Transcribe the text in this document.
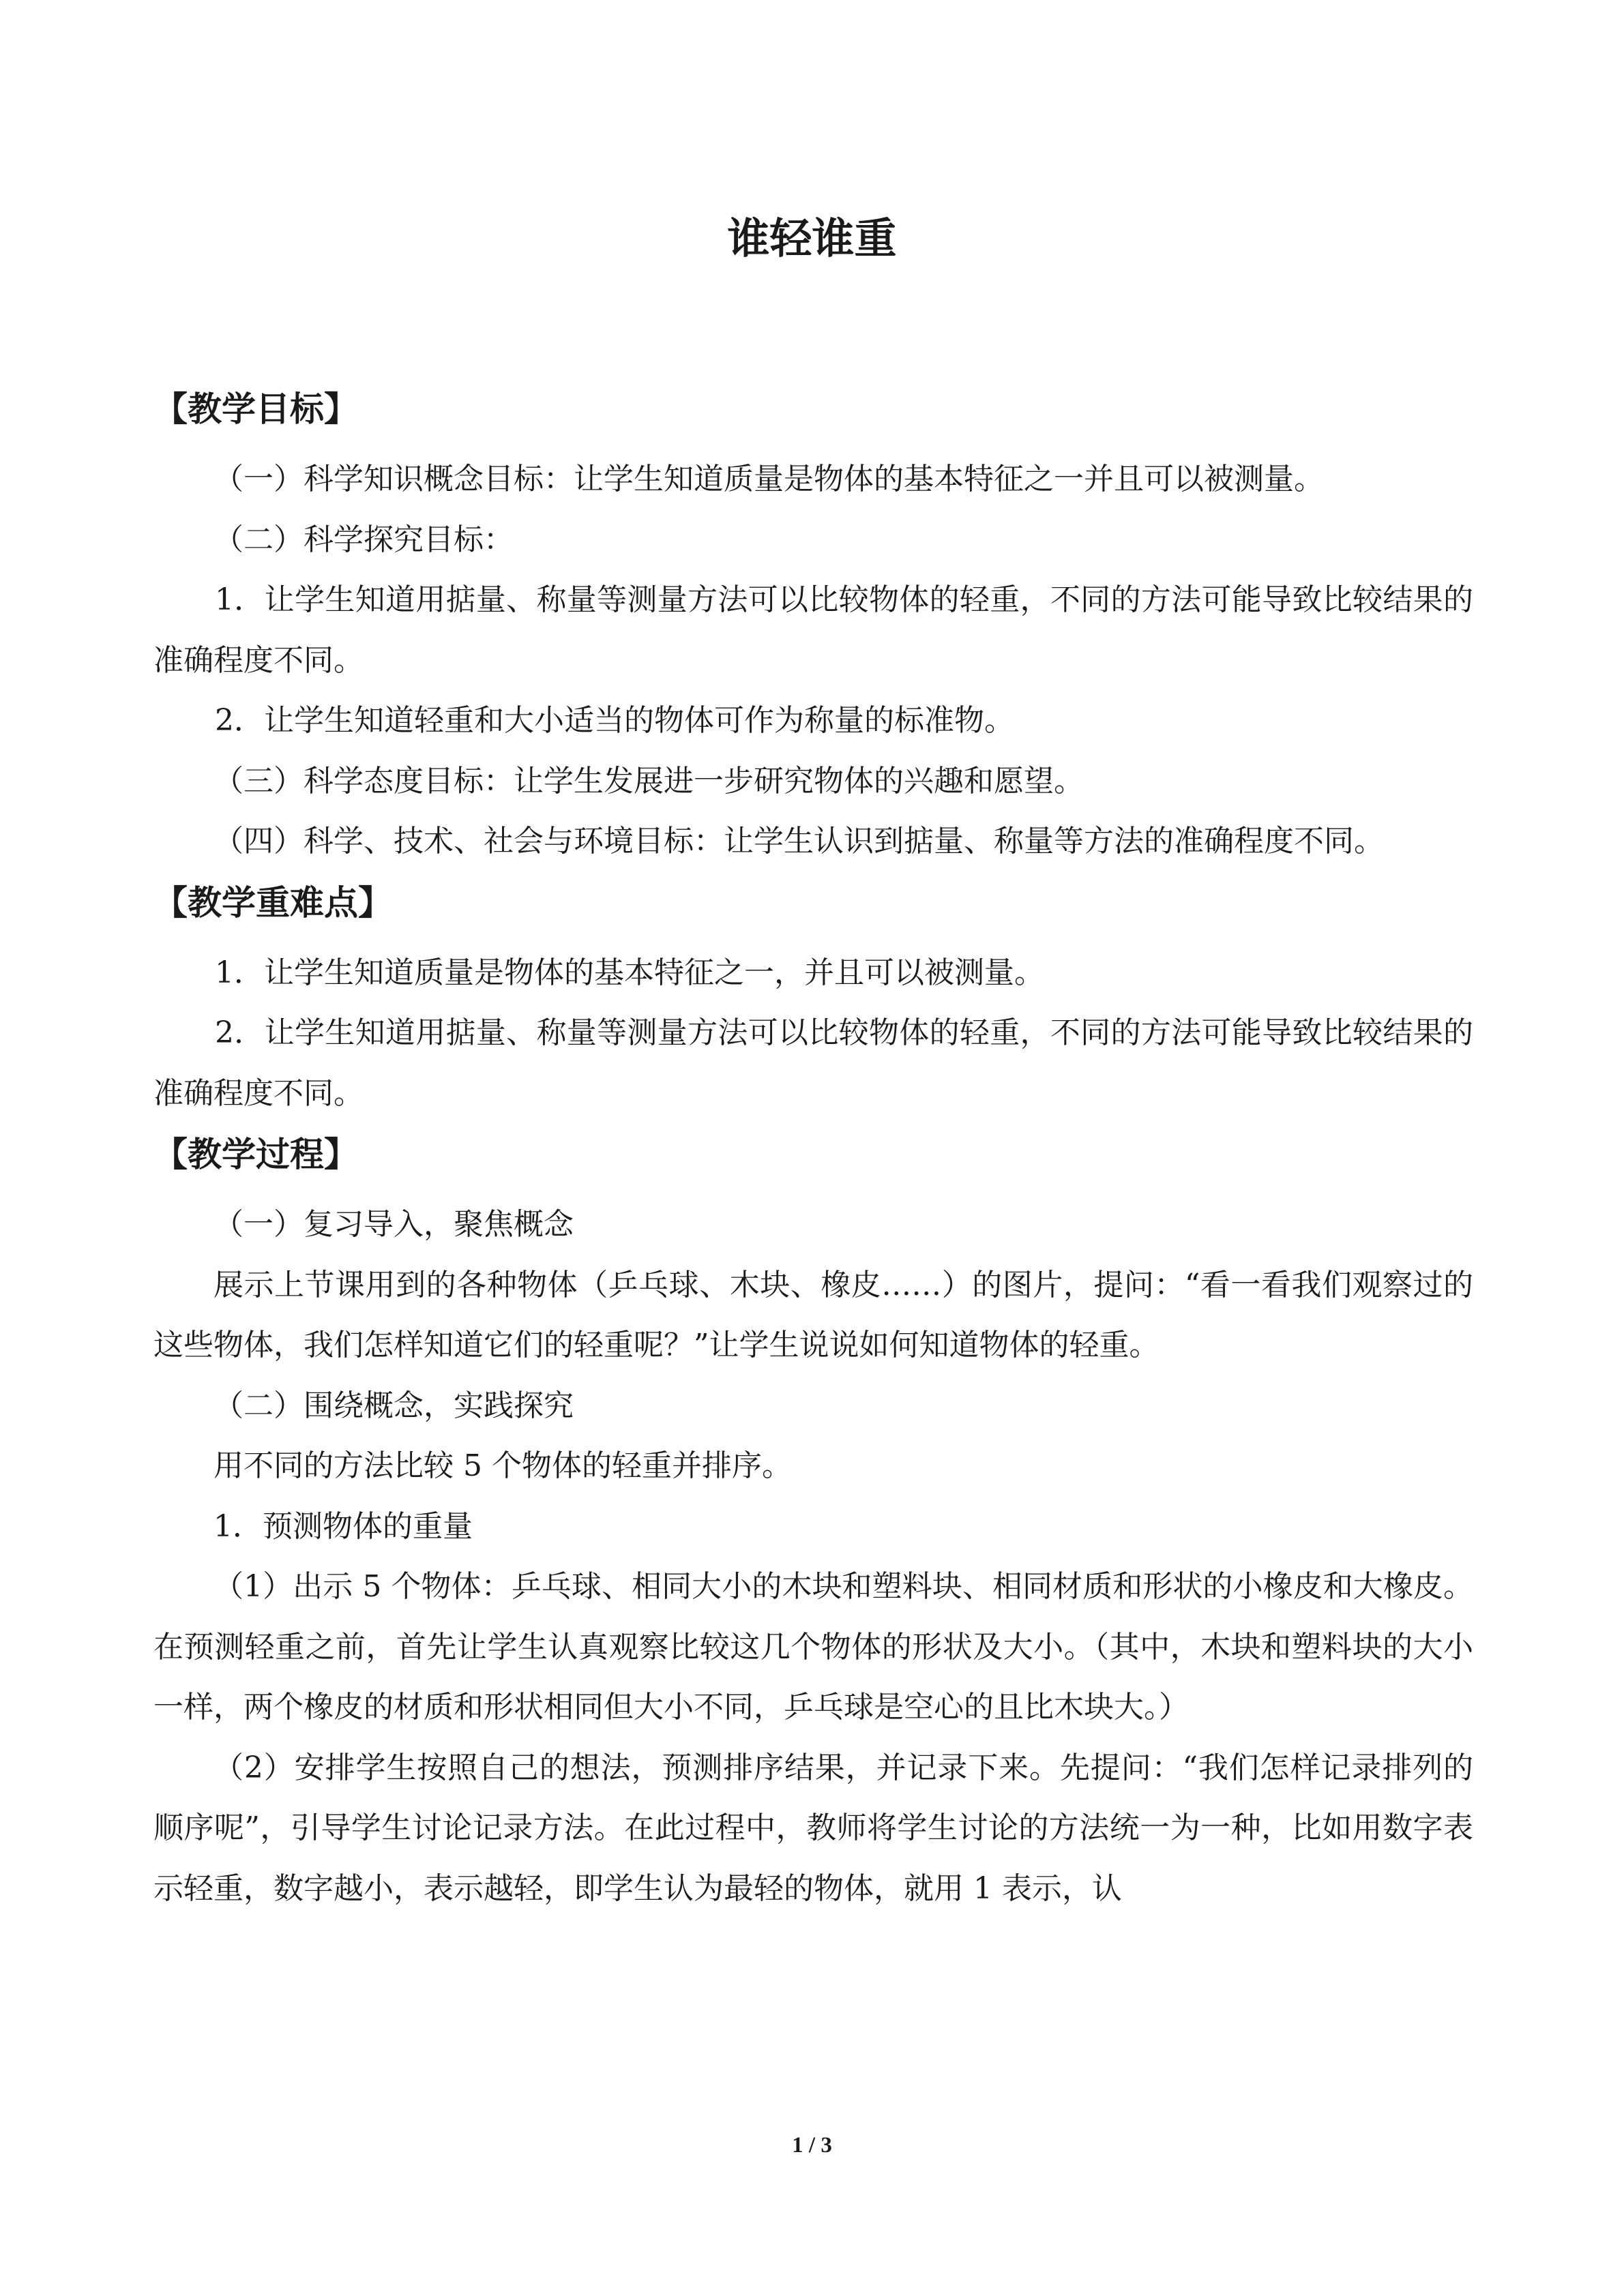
谁轻谁重
【教学目标】

（一）科学知识概念目标：让学生知道质量是物体的基本特征之一并且可以被测量。

（二）科学探究目标：

1．让学生知道用掂量、称量等测量方法可以比较物体的轻重，不同的方法可能导致比较结果的准确程度不同。

2．让学生知道轻重和大小适当的物体可作为称量的标准物。

（三）科学态度目标：让学生发展进一步研究物体的兴趣和愿望。

（四）科学、技术、社会与环境目标：让学生认识到掂量、称量等方法的准确程度不同。

【教学重难点】

1．让学生知道质量是物体的基本特征之一，并且可以被测量。

2．让学生知道用掂量、称量等测量方法可以比较物体的轻重，不同的方法可能导致比较结果的准确程度不同。

【教学过程】

（一）复习导入，聚焦概念

展示上节课用到的各种物体（乒乓球、木块、橡皮……）的图片，提问：“看一看我们观察过的这些物体，我们怎样知道它们的轻重呢？”让学生说说如何知道物体的轻重。

（二）围绕概念，实践探究

用不同的方法比较 5 个物体的轻重并排序。

1．预测物体的重量

（1）出示 5 个物体：乒乓球、相同大小的木块和塑料块、相同材质和形状的小橡皮和大橡皮。在预测轻重之前，首先让学生认真观察比较这几个物体的形状及大小。（其中，木块和塑料块的大小一样，两个橡皮的材质和形状相同但大小不同，乒乓球是空心的且比木块大。）

（2）安排学生按照自己的想法，预测排序结果，并记录下来。先提问：“我们怎样记录排列的顺序呢”，引导学生讨论记录方法。在此过程中，教师将学生讨论的方法统一为一种，比如用数字表示轻重，数字越小，表示越轻，即学生认为最轻的物体，就用 1 表示，认

1 / 3
